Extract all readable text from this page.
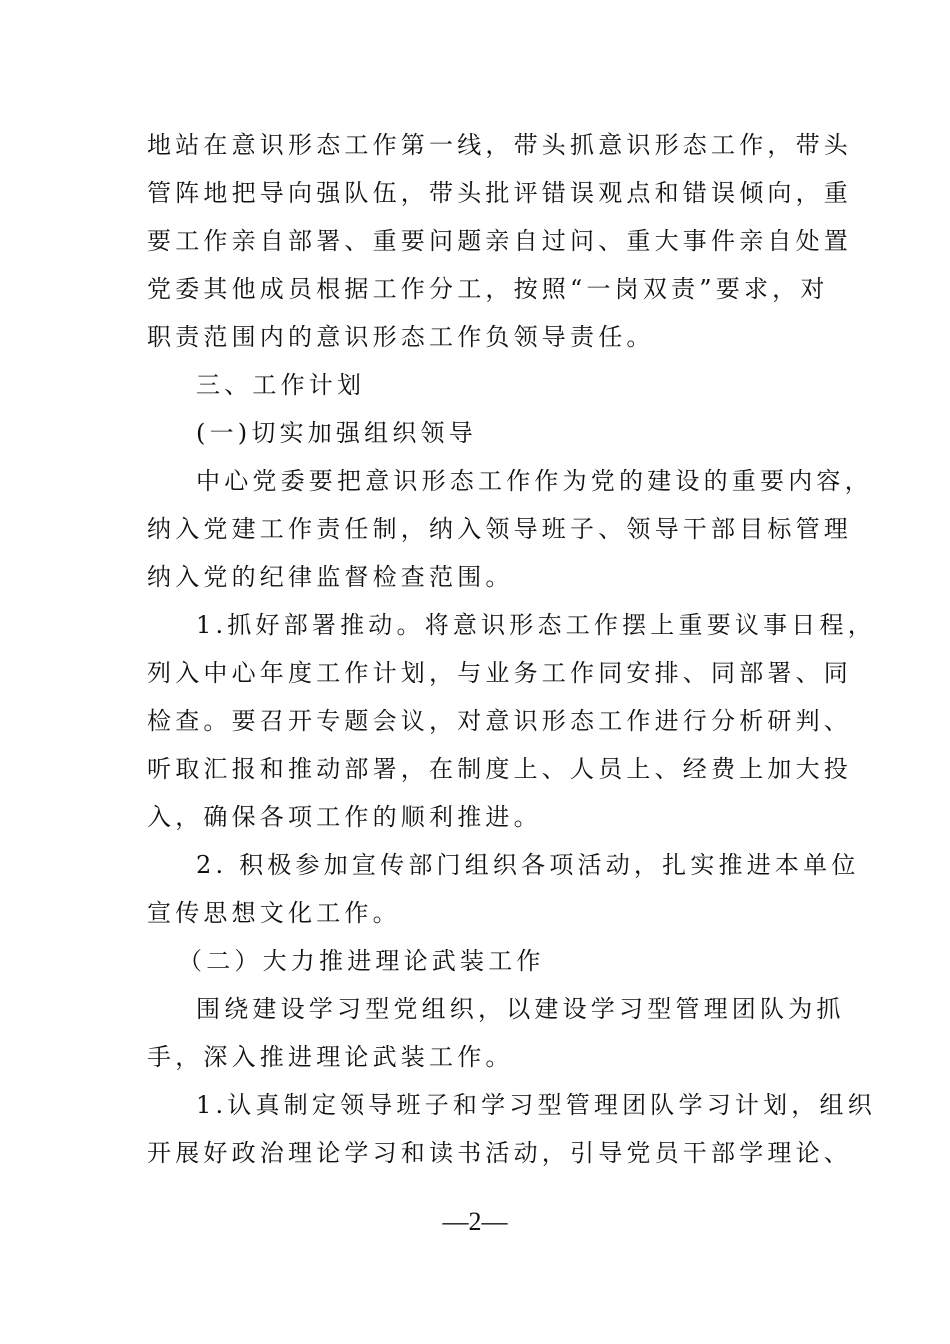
地站在意识形态工作第一线，带头抓意识形态工作，带头
管阵地把导向强队伍，带头批评错误观点和错误倾向，重
要工作亲自部署、重要问题亲自过问、重大事件亲自处置
党委其他成员根据工作分工，按照“一岗双责”要求，对
职责范围内的意识形态工作负领导责任。
三、工作计划
(一)切实加强组织领导
中心党委要把意识形态工作作为党的建设的重要内容，
纳入党建工作责任制，纳入领导班子、领导干部目标管理
纳入党的纪律监督检查范围。
1.抓好部署推动。将意识形态工作摆上重要议事日程，
列入中心年度工作计划，与业务工作同安排、同部署、同
检查。要召开专题会议，对意识形态工作进行分析研判、
听取汇报和推动部署，在制度上、人员上、经费上加大投
入，确保各项工作的顺利推进。
2. 积极参加宣传部门组织各项活动，扎实推进本单位
宣传思想文化工作。
（二）大力推进理论武装工作
围绕建设学习型党组织，以建设学习型管理团队为抓
手，深入推进理论武装工作。
1.认真制定领导班子和学习型管理团队学习计划，组织
开展好政治理论学习和读书活动，引导党员干部学理论、
—2—
